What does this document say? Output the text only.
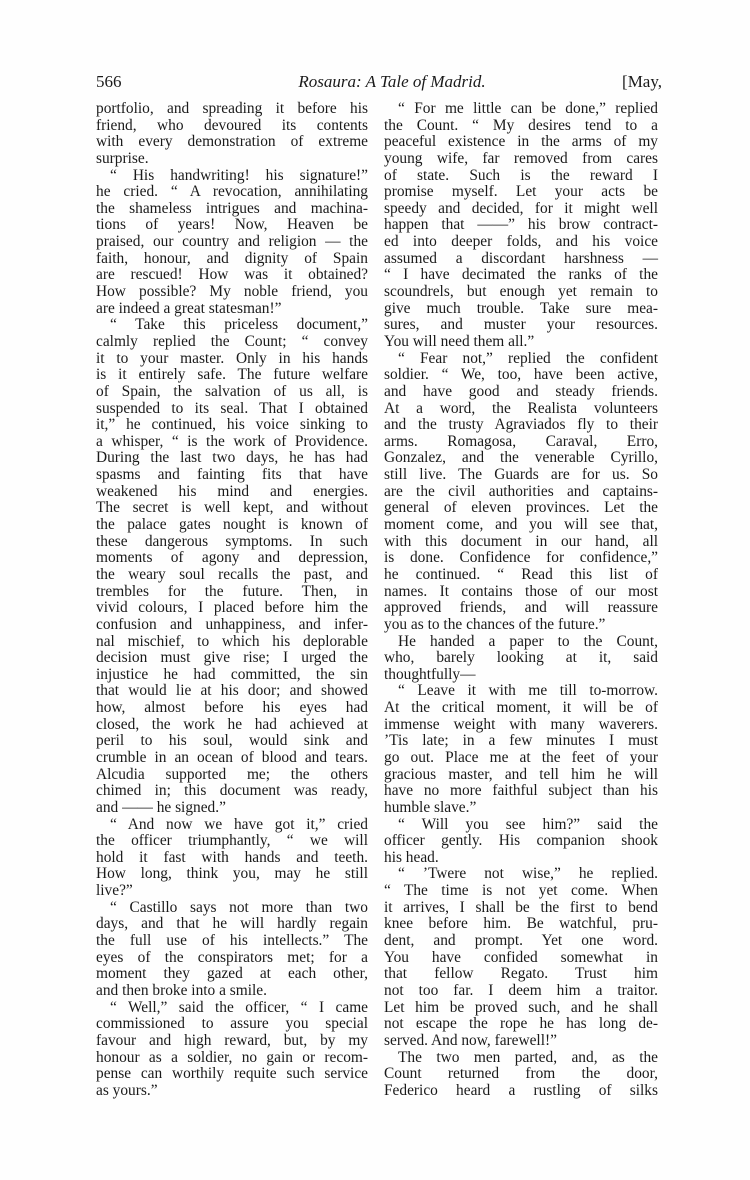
566	Rosaura: A Tale of Madrid.	[May,
portfolio, and spreading it before his
friend, who devoured its contents
with every demonstration of extreme
surprise.
“ His handwriting! his signature!”
he cried. “ A revocation, annihilating
the shameless intrigues and machina-
tions of years! Now, Heaven be
praised, our country and religion — the
faith, honour, and dignity of Spain
are rescued! How was it obtained?
How possible? My noble friend, you
are indeed a great statesman!”
“ Take this priceless document,”
calmly replied the Count; “ convey
it to your master. Only in his hands
is it entirely safe. The future welfare
of Spain, the salvation of us all, is
suspended to its seal. That I obtained
it,” he continued, his voice sinking to
a whisper, “ is the work of Providence.
During the last two days, he has had
spasms and fainting fits that have
weakened his mind and energies.
The secret is well kept, and without
the palace gates nought is known of
these dangerous symptoms. In such
moments of agony and depression,
the weary soul recalls the past, and
trembles for the future. Then, in
vivid colours, I placed before him the
confusion and unhappiness, and infer-
nal mischief, to which his deplorable
decision must give rise; I urged the
injustice he had committed, the sin
that would lie at his door; and showed
how, almost before his eyes had
closed, the work he had achieved at
peril to his soul, would sink and
crumble in an ocean of blood and tears.
Alcudia supported me; the others
chimed in; this document was ready,
and —— he signed.”
“ And now we have got it,” cried
the officer triumphantly, “ we will
hold it fast with hands and teeth.
How long, think you, may he still
live?”
“ Castillo says not more than two
days, and that he will hardly regain
the full use of his intellects.” The
eyes of the conspirators met; for a
moment they gazed at each other,
and then broke into a smile.
“ Well,” said the officer, “ I came
commissioned to assure you special
favour and high reward, but, by my
honour as a soldier, no gain or recom-
pense can worthily requite such service
as yours.”
“ For me little can be done,” replied
the Count. “ My desires tend to a
peaceful existence in the arms of my
young wife, far removed from cares
of state. Such is the reward I
promise myself. Let your acts be
speedy and decided, for it might well
happen that ——” his brow contract-
ed into deeper folds, and his voice
assumed a discordant harshness —
“ I have decimated the ranks of the
scoundrels, but enough yet remain to
give much trouble. Take sure mea-
sures, and muster your resources.
You will need them all.”
“ Fear not,” replied the confident
soldier. “ We, too, have been active,
and have good and steady friends.
At a word, the Realista volunteers
and the trusty Agraviados fly to their
arms. Romagosa, Caraval, Erro,
Gonzalez, and the venerable Cyrillo,
still live. The Guards are for us. So
are the civil authorities and captains-
general of eleven provinces. Let the
moment come, and you will see that,
with this document in our hand, all
is done. Confidence for confidence,”
he continued. “ Read this list of
names. It contains those of our most
approved friends, and will reassure
you as to the chances of the future.”
He handed a paper to the Count,
who, barely looking at it, said
thoughtfully—
“ Leave it with me till to-morrow.
At the critical moment, it will be of
immense weight with many waverers.
’Tis late; in a few minutes I must
go out. Place me at the feet of your
gracious master, and tell him he will
have no more faithful subject than his
humble slave.”
“ Will you see him?” said the
officer gently. His companion shook
his head.
“ ’Twere not wise,” he replied.
“ The time is not yet come. When
it arrives, I shall be the first to bend
knee before him. Be watchful, pru-
dent, and prompt. Yet one word.
You have confided somewhat in
that fellow Regato. Trust him
not too far. I deem him a traitor.
Let him be proved such, and he shall
not escape the rope he has long de-
served. And now, farewell!”
The two men parted, and, as the
Count returned from the door,
Federico heard a rustling of silks
